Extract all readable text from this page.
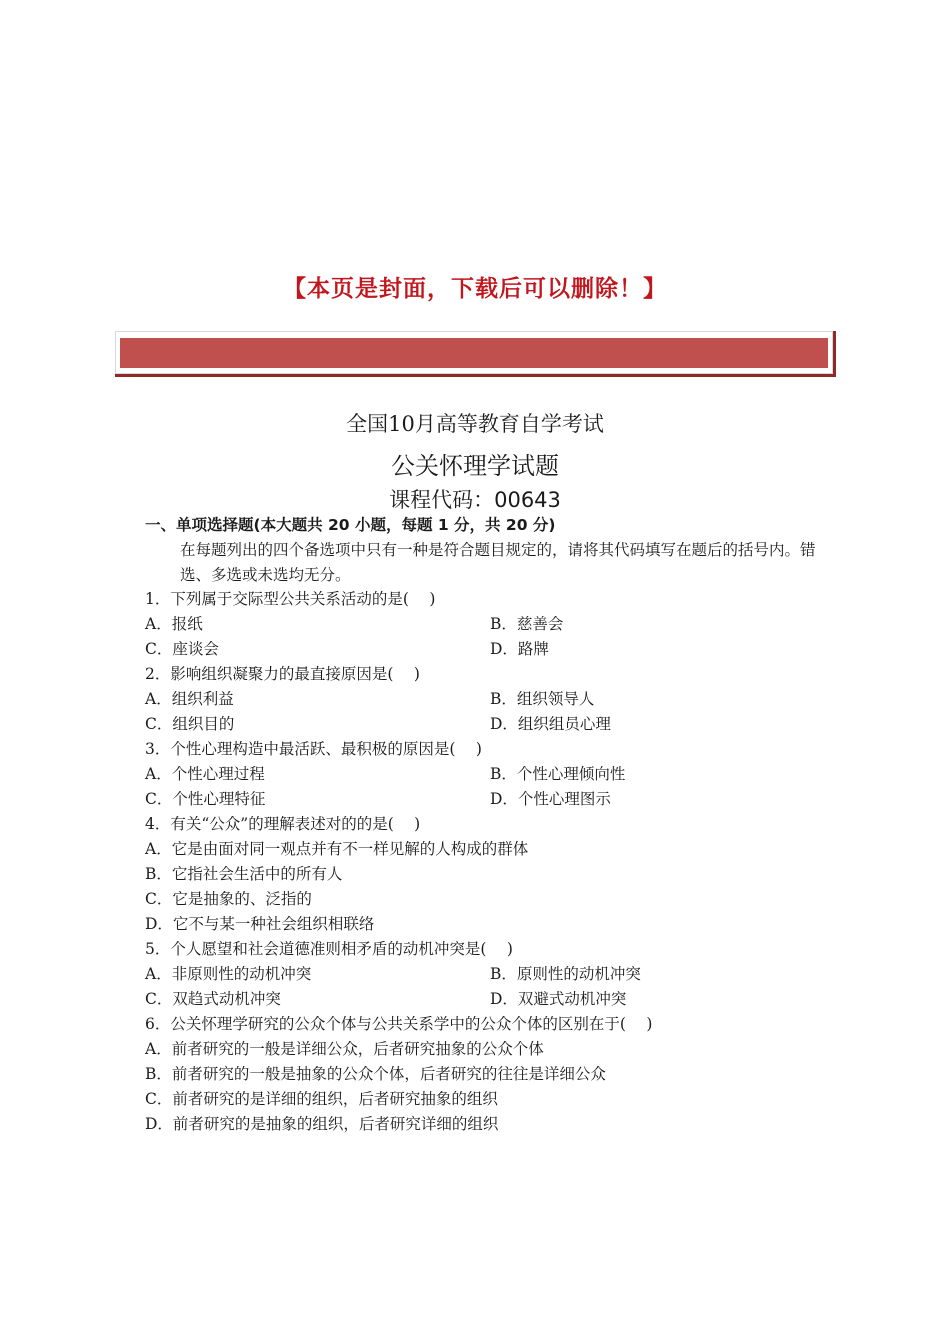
【本页是封面，下载后可以删除！】
全国10月高等教育自学考试
公关怀理学试题
课程代码：00643
一、单项选择题(本大题共 20 小题，每题 1 分，共 20 分)
在每题列出的四个备选项中只有一种是符合题目规定的，请将其代码填写在题后的括号内。错选、多选或未选均无分。
1．下列属于交际型公共关系活动的是(　 )
A．报纸	B．慈善会
C．座谈会	D．路牌
2．影响组织凝聚力的最直接原因是(　 )
A．组织利益	B．组织领导人
C．组织目的	D．组织组员心理
3．个性心理构造中最活跃、最积极的原因是(　 )
A．个性心理过程	B．个性心理倾向性
C．个性心理特征	D．个性心理图示
4．有关“公众”的理解表述对的的是(　 )
A．它是由面对同一观点并有不一样见解的人构成的群体
B．它指社会生活中的所有人
C．它是抽象的、泛指的
D．它不与某一种社会组织相联络
5．个人愿望和社会道德准则相矛盾的动机冲突是(　 )
A．非原则性的动机冲突	B．原则性的动机冲突
C．双趋式动机冲突	D．双避式动机冲突
6．公关怀理学研究的公众个体与公共关系学中的公众个体的区别在于(　 )
A．前者研究的一般是详细公众，后者研究抽象的公众个体
B．前者研究的一般是抽象的公众个体，后者研究的往往是详细公众
C．前者研究的是详细的组织，后者研究抽象的组织
D．前者研究的是抽象的组织，后者研究详细的组织
